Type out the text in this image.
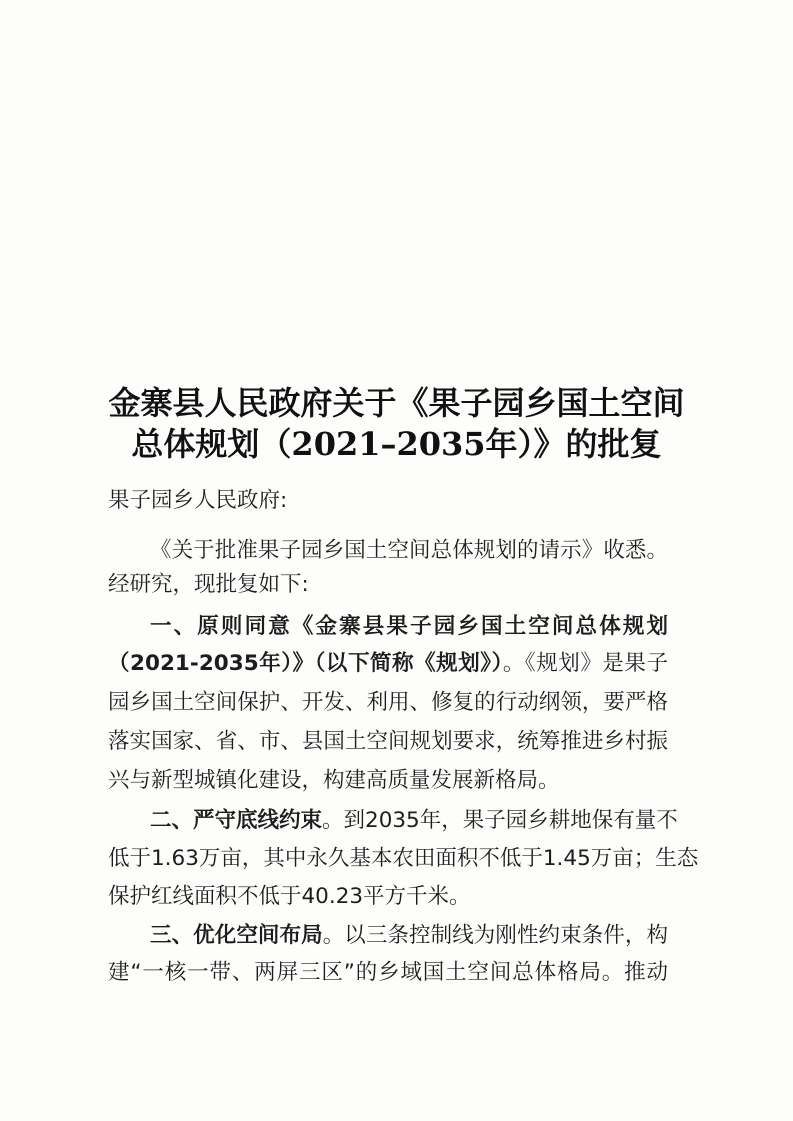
金寨县人民政府关于《果子园乡国土空间
总体规划（2021–2035年）》的批复
果子园乡人民政府:
《关于批准果子园乡国土空间总体规划的请示》收悉。
经研究，现批复如下:
一、原则同意《金寨县果子园乡国土空间总体规划
（2021-2035年）》（以下简称《规划》）。《规划》是果子
园乡国土空间保护、开发、利用、修复的行动纲领，要严格
落实国家、省、市、县国土空间规划要求，统筹推进乡村振
兴与新型城镇化建设，构建高质量发展新格局。
二、严守底线约束。到2035年，果子园乡耕地保有量不
低于1.63万亩，其中永久基本农田面积不低于1.45万亩；生态
保护红线面积不低于40.23平方千米。
三、优化空间布局。以三条控制线为刚性约束条件，构
建“一核一带、两屏三区”的乡域国土空间总体格局。推动
